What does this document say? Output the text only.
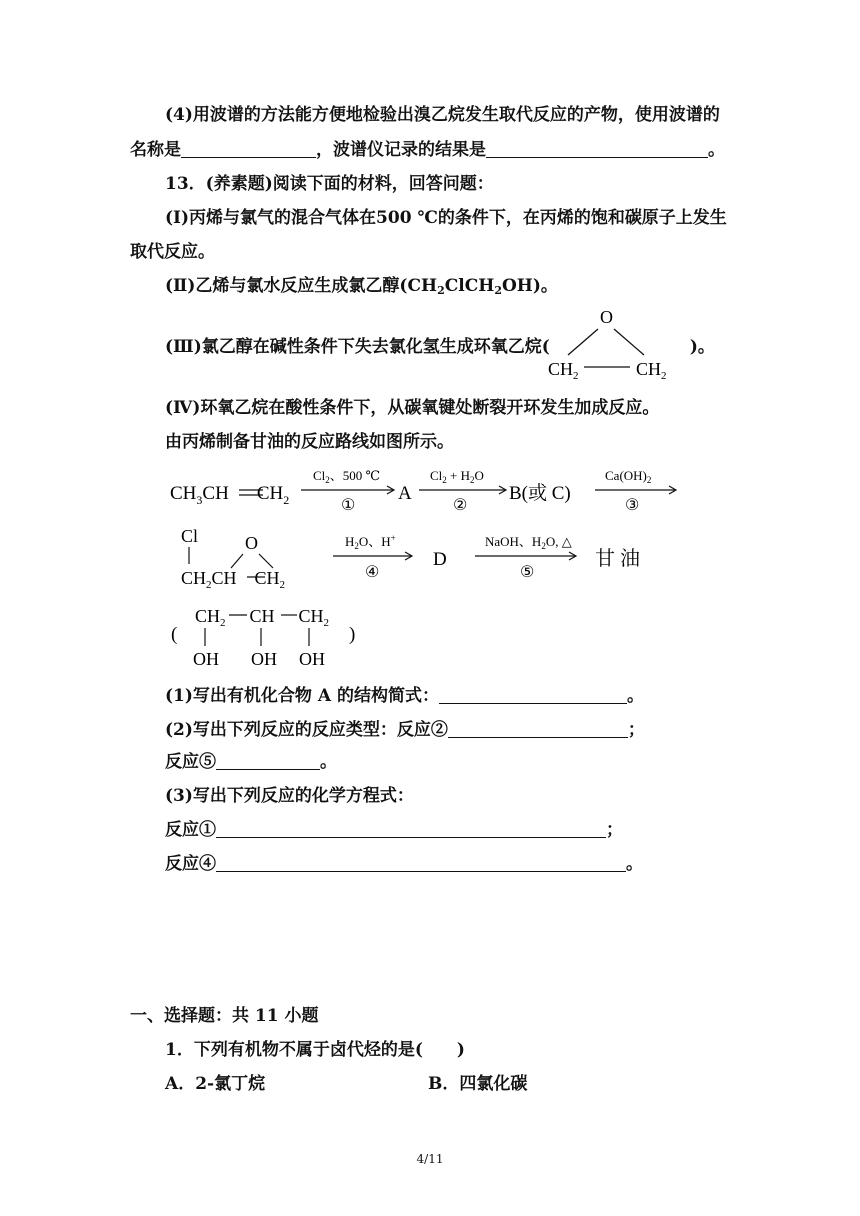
(4)用波谱的方法能方便地检验出溴乙烷发生取代反应的产物，使用波谱的
名称是	，波谱仪记录的结果是	。
13．(养素题)阅读下面的材料，回答问题：
(Ⅰ)丙烯与氯气的混合气体在500 ℃的条件下，在丙烯的饱和碳原子上发生
取代反应。
(Ⅱ)乙烯与氯水反应生成氯乙醇$(CH_2ClCH_2OH)$。
(Ⅲ)氯乙醇在碱性条件下失去氯化氢生成环氧乙烷(	)。
O
$CH_2$	$CH_2$
(Ⅳ)环氧乙烷在酸性条件下，从碳氧键处断裂开环发生加成反应。
由丙烯制备甘油的反应路线如图所示。
$CH_3CH$ $CH_2$
$Cl_2$、500 ℃
①
A
$Cl_2 + H_2O$
②
B(或 C)
$Ca(OH)_2$
③
Cl	O
$CH_2CH$ $CH_2$
$H_2O$、H+
④
D
NaOH、$H_2O$, △
⑤
甘 油
(
$CH_2$ CH $CH_2$
OH OH OH
)
(1)写出有机化合物 A 的结构简式：	。
(2)写出下列反应的反应类型：反应②	；
反应⑤	。
(3)写出下列反应的化学方程式：
反应①	；
反应④	。
一、选择题：共 11 小题
1．下列有机物不属于卤代烃的是(　　)
A．2-氯丁烷	B．四氯化碳
4/11
